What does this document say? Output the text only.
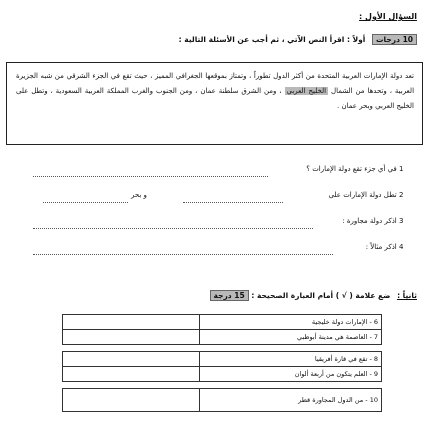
السؤال الأول :
10 درجات أولاً : اقرأ النص الآتي ، ثم أجب عن الأسئلة التالية :
تعد دولة الإمارات العربية المتحدة من أكثر الدول تطوراً ، وتمتاز بموقعها الجغرافي المميز ، حيث تقع في الجزء الشرقي من شبه الجزيرة العربية ، وتحدها من الشمال الخليج العربي ، ومن الشرق سلطنة عمان ، ومن الجنوب والغرب المملكة العربية السعودية ، وتطل على الخليج العربي وبحر عمان .
1 في أي جزء تقع دولة الإمارات ؟
2 تطل دولة الإمارات على
و بحر
3 اذكر دولة مجاورة :
4 اذكر مثالاً :
ثانياً : ضع علامة ( √ ) أمام العبارة الصحيحة : 15 درجة
	6 - الإمارات دولة خليجية
	7 - العاصمة هي مدينة أبوظبي

	8 - تقع في قارة أفريقيا
	9 - العلم يتكون من أربعة ألوان

	10 - من الدول المجاورة قطر
